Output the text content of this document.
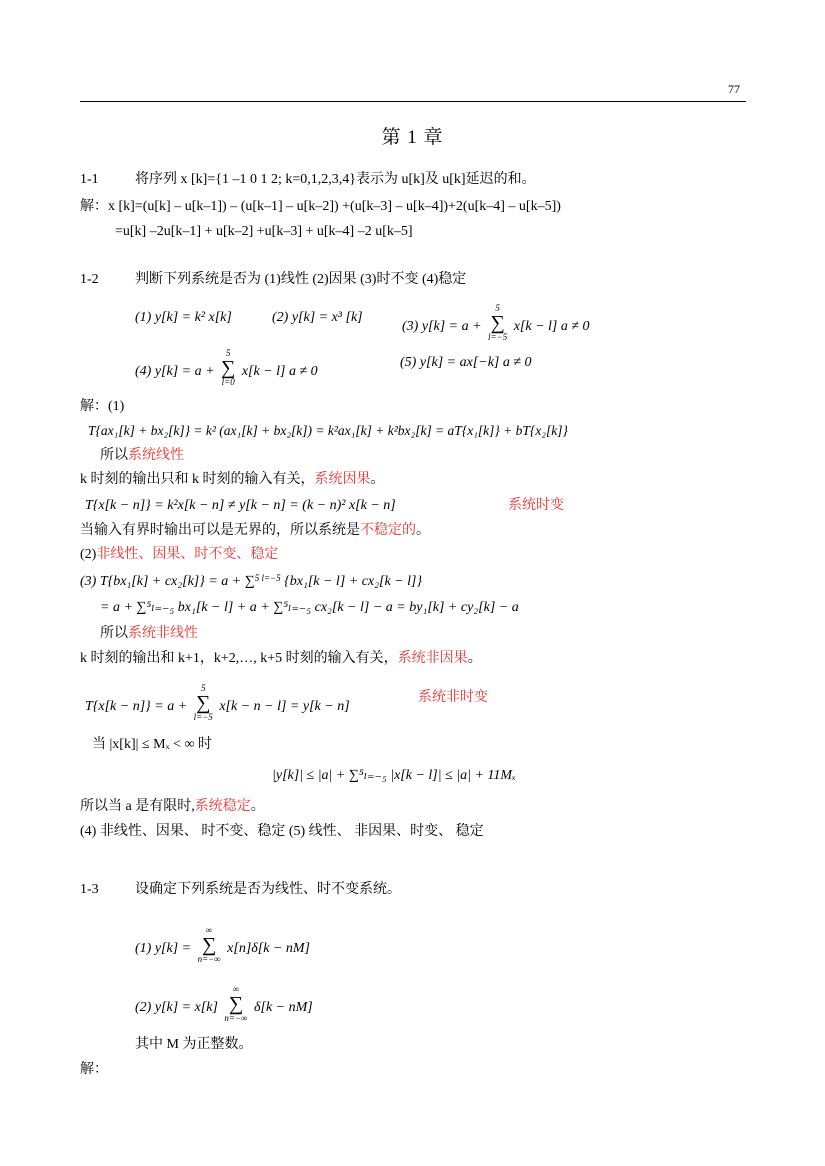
77
第 1 章
1-1	将序列 x [k]={1 –1 0 1 2; k=0,1,2,3,4}表示为 u[k]及 u[k]延迟的和。
解：x [k]=(u[k] – u[k–1]) – (u[k–1] – u[k–2]) +(u[k–3] – u[k–4])+2(u[k–4] – u[k–5])
=u[k] –2u[k–1] + u[k–2] +u[k–3] + u[k–4] –2 u[k–5]
1-2	判断下列系统是否为 (1)线性 (2)因果 (3)时不变 (4)稳定
(1) y[k] = k² x[k]	(2) y[k] = x³ [k]
(3) y[k] = a +
5
∑
l=−5
x[k − l] a ≠ 0
(4) y[k] = a +
5
∑
l=0
x[k − l] a ≠ 0
(5) y[k] = ax[−k] a ≠ 0
解：(1)
T{ax₁[k] + bx₂[k]} = k² (ax₁[k] + bx₂[k]) = k²ax₁[k] + k²bx₂[k] = aT{x₁[k]} + bT{x₂[k]}
所以系统线性
k 时刻的输出只和 k 时刻的输入有关，系统因果。
T{x[k − n]} = k²x[k − n] ≠ y[k − n] = (k − n)² x[k − n]	系统时变
当输入有界时输出可以是无界的，所以系统是不稳定的。
(2)非线性、因果、时不变、稳定
(3) T{bx₁[k] + cx₂[k]} = a + ∑$^{5 l=-5}$ {bx₁[k − l] + cx₂[k − l]}
= a + ∑⁵ₗ₌₋₅ bx₁[k − l] + a + ∑⁵ₗ₌₋₅ cx₂[k − l] − a = by₁[k] + cy₂[k] − a
所以系统非线性
k 时刻的输出和 k+1，k+2,…, k+5 时刻的输入有关，系统非因果。
T{x[k − n]} = a +
5
∑
l=−5
x[k − n − l] = y[k − n]
系统非时变
当 |x[k]| ≤ Mₓ < ∞ 时
|y[k]| ≤ |a| + ∑⁵ₗ₌₋₅ |x[k − l]| ≤ |a| + 11Mₓ
所以当 a 是有限时,系统稳定。
(4) 非线性、因果、 时不变、稳定 (5) 线性、 非因果、时变、 稳定
1-3	设确定下列系统是否为线性、时不变系统。
(1) y[k] =
∞
∑
n=−∞
x[n]δ[k − nM]
(2) y[k] = x[k]
∞
∑
n=−∞
δ[k − nM]
其中 M 为正整数。
解：
